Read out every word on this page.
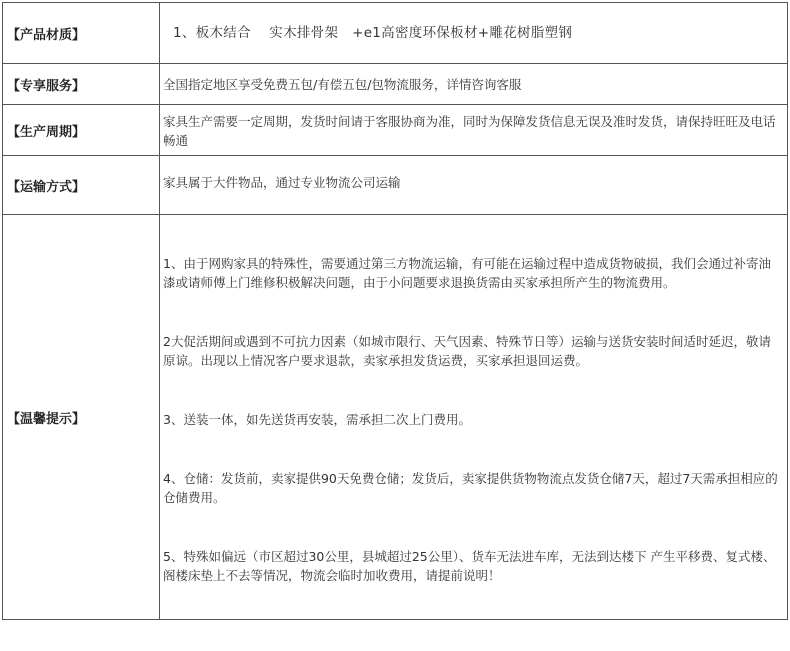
【产品材质】	1、板木结合　 实木排骨架　+e1高密度环保板材+雕花树脂塑钢

【专享服务】	全国指定地区享受免费五包/有偿五包/包物流服务，详情咨询客服
【生产周期】	家具生产需要一定周期，发货时间请于客服协商为准，同时为保障发货信息无误及准时发货，请保持旺旺及电话畅通

【运输方式】	家具属于大件物品，通过专业物流公司运输

【温馨提示】	1、由于网购家具的特殊性，需要通过第三方物流运输，有可能在运输过程中造成货物破损，我们会通过补寄油漆或请师傅上门维修积极解决问题，由于小问题要求退换货需由买家承担所产生的物流费用。

2大促活期间或遇到不可抗力因素（如城市限行、天气因素、特殊节日等）运输与送货安装时间适时延迟，敬请原谅。出现以上情况客户要求退款，卖家承担发货运费，买家承担退回运费。

3、送装一体，如先送货再安装，需承担二次上门费用。

4、仓储：发货前，卖家提供90天免费仓储；发货后，卖家提供货物物流点发货仓储7天，超过7天需承担相应的仓储费用。

5、特殊如偏远（市区超过30公里，县城超过25公里）、货车无法进车库，无法到达楼下 产生平移费、复式楼、阁楼床垫上不去等情况，物流会临时加收费用，请提前说明！
